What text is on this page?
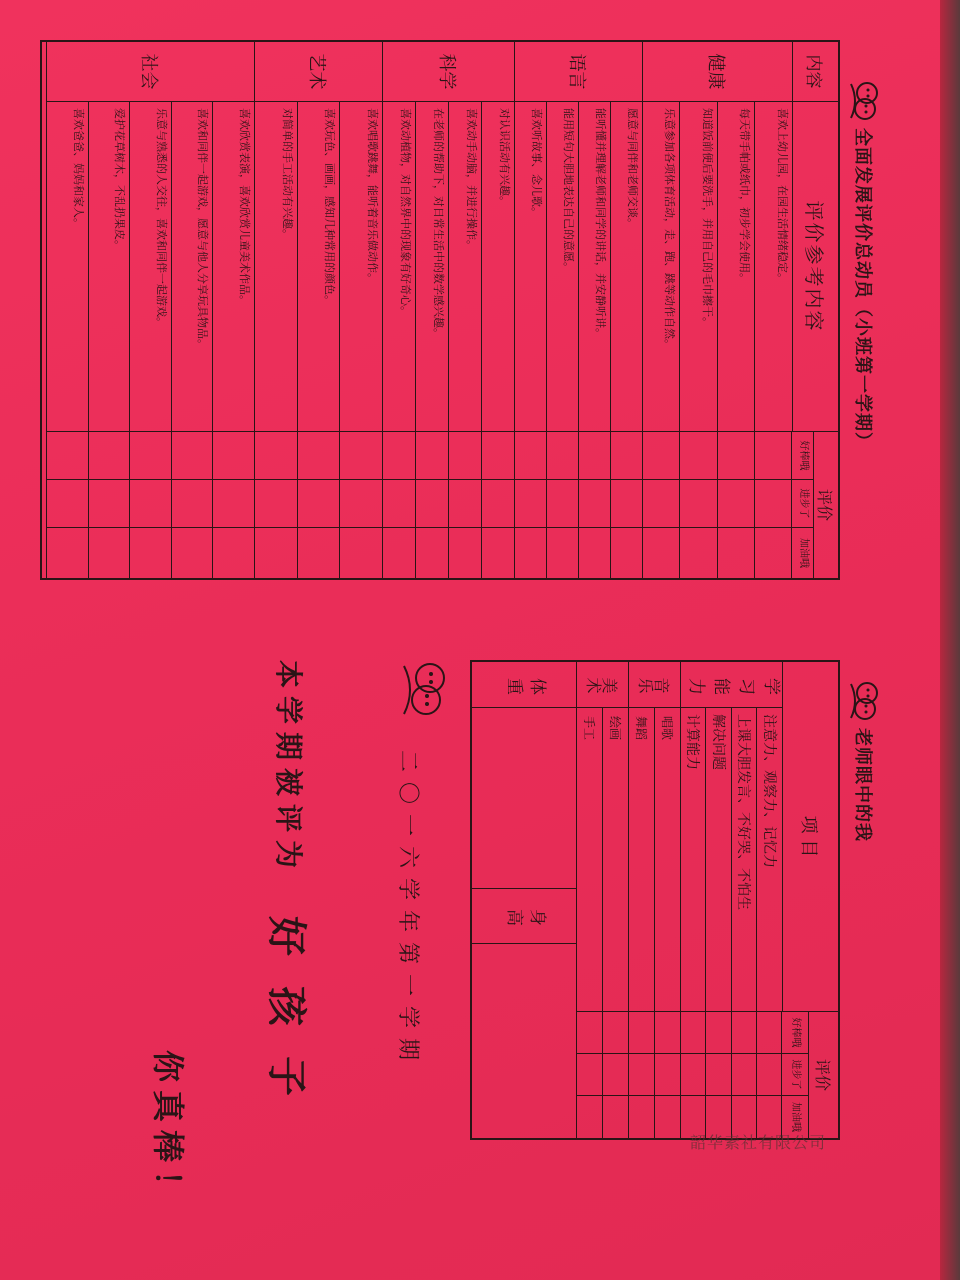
全面发展评价总动员（小班第一学期）
内容
评价参考内容
评价
好棒哦
进步了
加油哦
健康
喜欢上幼儿园，在园生活情绪稳定。
每天带手帕或纸巾，初步学会使用。
知道饭前便后要洗手，并用自己的毛巾擦干。
乐意参加各项体育活动，走、跑、跳等动作自然。
语言
愿意与同伴和老师交谈。
能听懂并理解老师和同学的讲话，并安静听讲。
能用短句大胆地表达自己的意愿。
喜欢听故事、念儿歌。
科学
对认识活动有兴趣。
喜欢动手动脑，并进行操作。
在老师的帮助下，对日常生活中的数学感兴趣。
喜欢动植物，对自然界中的现象有好奇心。
艺术
喜欢唱歌跳舞，能听着音乐做动作。
喜欢玩色、画画，感知几种常用的颜色。
对简单的手工活动有兴趣。
社会
喜欢欣赏表演，喜欢欣赏儿童美术作品。
喜欢和同伴一起游戏，愿意与他人分享玩具物品。
乐意与熟悉的人交往，喜欢和同伴一起游戏。
爱护花草树木，不乱扔果皮。
喜欢爸爸、妈妈和家人。
老师眼中的我
项 目
评价
好棒哦
进步了
加油哦
学习能力
注意力、观察力、记忆力
上课大胆发言、不好哭、不怕生
解决问题
计算能力
音乐
美术
唱歌
舞蹈
绘画
手工
体重
身高
二〇一六学年第一学期
本学期被评为
好孩子
你真棒！	韶华素社有限公司
